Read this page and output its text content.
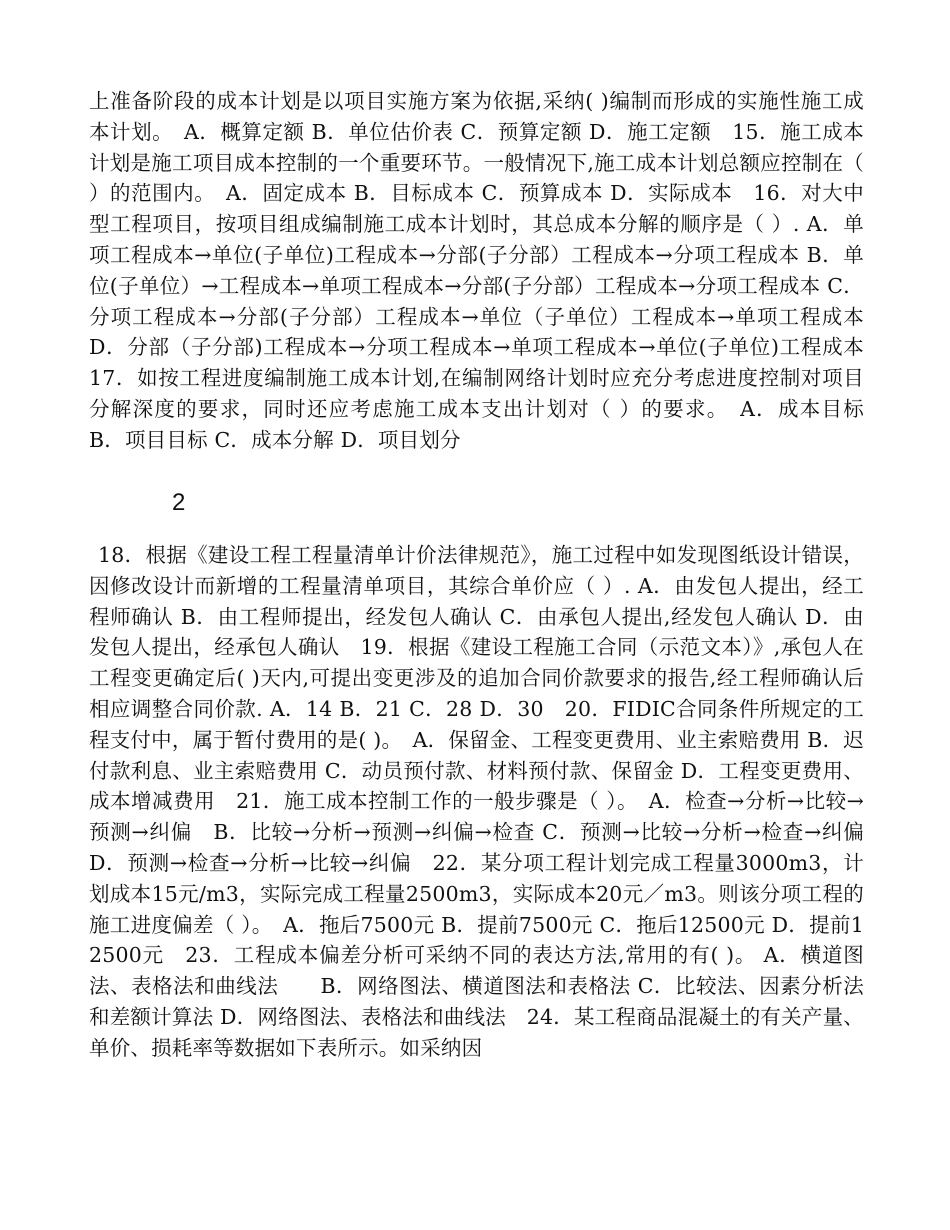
上准备阶段的成本计划是以项目实施方案为依据,采纳( )编制而形成的实施性施工成本计划。　A．概算定额 B．单位估价表 C．预算定额 D．施工定额　15．施工成本计划是施工项目成本控制的一个重要环节。一般情况下,施工成本计划总额应控制在（ ）的范围内。　A．固定成本 B．目标成本 C．预算成本 D．实际成本　16．对大中型工程项目，按项目组成编制施工成本计划时，其总成本分解的顺序是（ ）. A．单项工程成本→单位(子单位)工程成本→分部(子分部）工程成本→分项工程成本 B．单位(子单位）→工程成本→单项工程成本→分部(子分部）工程成本→分项工程成本 C．分项工程成本→分部(子分部）工程成本→单位（子单位）工程成本→单项工程成本 D．分部（子分部)工程成本→分项工程成本→单项工程成本→单位(子单位)工程成本　17．如按工程进度编制施工成本计划,在编制网络计划时应充分考虑进度控制对项目分解深度的要求，同时还应考虑施工成本支出计划对（ ）的要求。　A．成本目标 B．项目目标 C．成本分解 D．项目划分
2
18．根据《建设工程工程量清单计价法律规范》，施工过程中如发现图纸设计错误，因修改设计而新增的工程量清单项目，其综合单价应（ ）. A．由发包人提出，经工程师确认 B．由工程师提出，经发包人确认 C．由承包人提出,经发包人确认 D．由发包人提出，经承包人确认　19．根据《建设工程施工合同（示范文本）》,承包人在工程变更确定后( )天内,可提出变更涉及的追加合同价款要求的报告,经工程师确认后相应调整合同价款. A．14 B．21 C．28 D．30　20．FIDIC合同条件所规定的工程支付中，属于暂付费用的是( )。　A．保留金、工程变更费用、业主索赔费用 B．迟付款利息、业主索赔费用 C．动员预付款、材料预付款、保留金 D．工程变更费用、成本增减费用　21．施工成本控制工作的一般步骤是（ ）。　A．检查→分析→比较→预测→纠偏　B．比较→分析→预测→纠偏→检查 C．预测→比较→分析→检查→纠偏　D．预测→检查→分析→比较→纠偏　22．某分项工程计划完成工程量3000m3，计划成本15元/m3，实际完成工程量2500m3，实际成本20元／m3。则该分项工程的施工进度偏差（ ）。　A．拖后7500元 B．提前7500元 C．拖后12500元 D．提前12500元　23．工程成本偏差分析可采纳不同的表达方法,常用的有( )。 A．横道图法、表格法和曲线法　　B．网络图法、横道图法和表格法 C．比较法、因素分析法和差额计算法 D．网络图法、表格法和曲线法　24．某工程商品混凝土的有关产量、单价、损耗率等数据如下表所示。如采纳因
